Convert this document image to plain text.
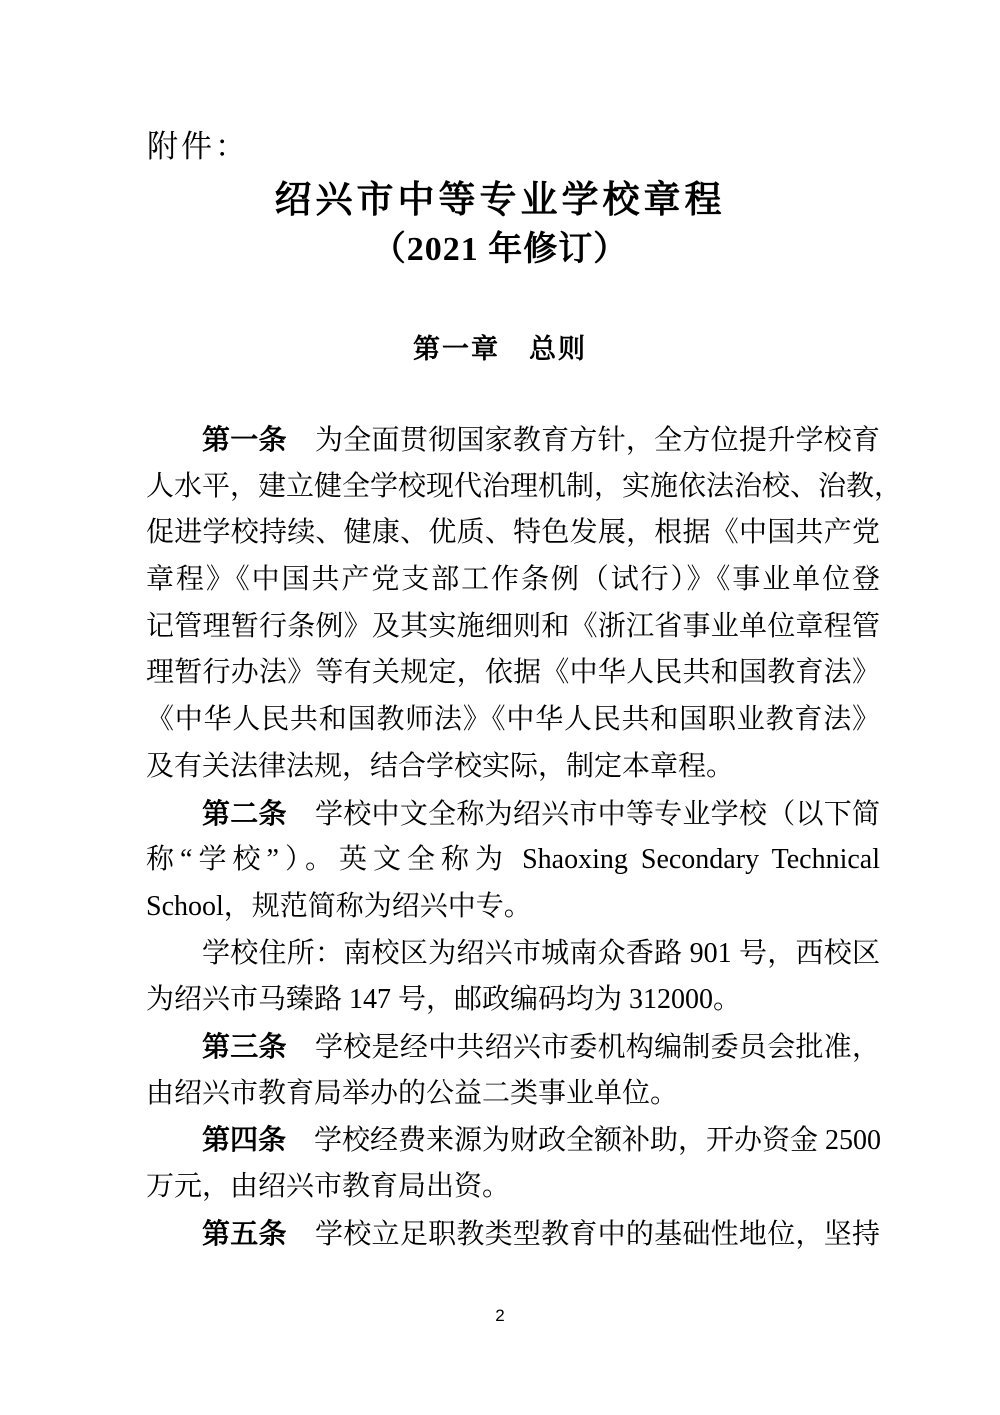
附件：
绍兴市中等专业学校章程
（2021 年修订）
第一章　总则
第一条　为全面贯彻国家教育方针，全方位提升学校育
人水平，建立健全学校现代治理机制，实施依法治校、治教，
促进学校持续、健康、优质、特色发展，根据《中国共产党
章程》《中国共产党支部工作条例（试行）》《事业单位登
记管理暂行条例》及其实施细则和《浙江省事业单位章程管
理暂行办法》等有关规定，依据《中华人民共和国教育法》
《中华人民共和国教师法》《中华人民共和国职业教育法》
及有关法律法规，结合学校实际，制定本章程。
第二条　学校中文全称为绍兴市中等专业学校（以下简
称“学校”）。英文全称为 Shaoxing Secondary Technical
School，规范简称为绍兴中专。
学校住所：南校区为绍兴市城南众香路 901 号，西校区
为绍兴市马臻路 147 号，邮政编码均为 312000。
第三条　学校是经中共绍兴市委机构编制委员会批准，
由绍兴市教育局举办的公益二类事业单位。
第四条　学校经费来源为财政全额补助，开办资金 2500
万元，由绍兴市教育局出资。
第五条　学校立足职教类型教育中的基础性地位，坚持
2
